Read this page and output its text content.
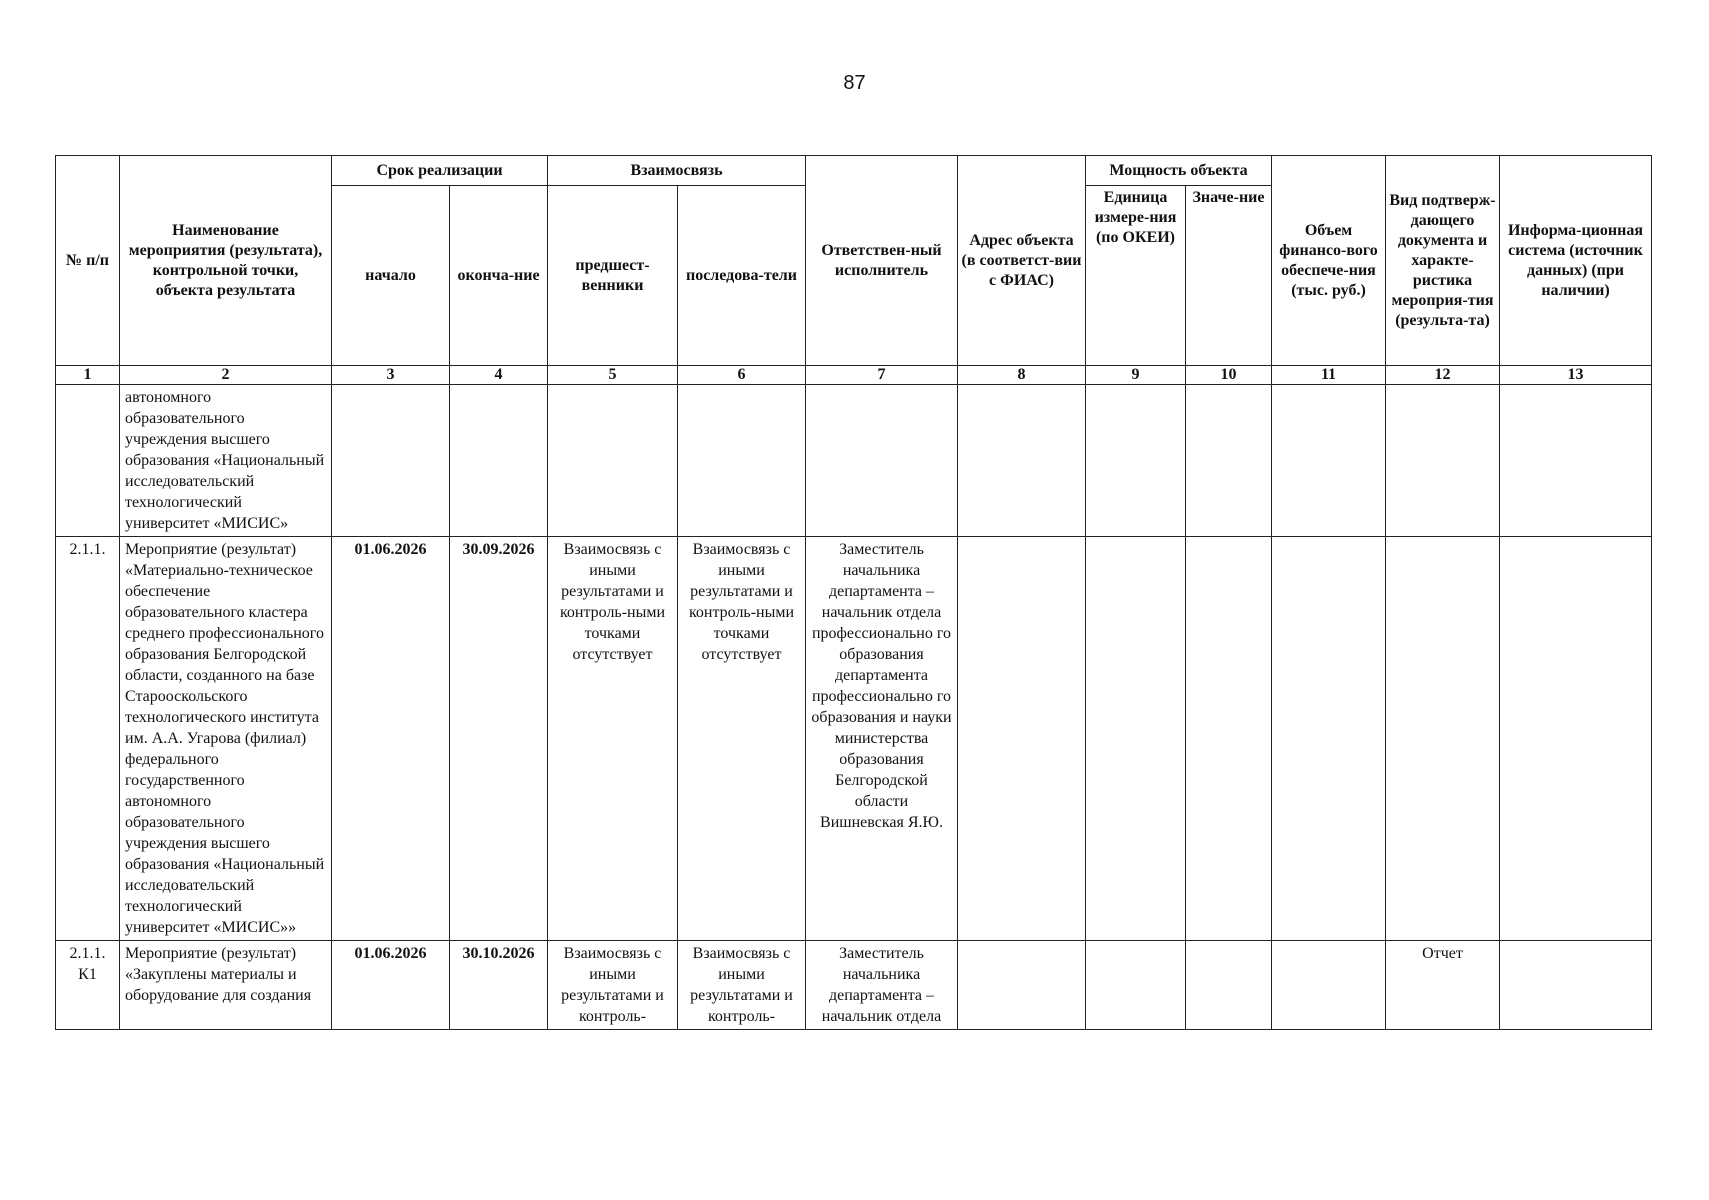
87
№ п/п	Наименование мероприятия (результата), контрольной точки, объекта результата	Срок реализации		Взаимосвязь		Ответствен-ный исполнитель	Адрес объекта (в соответст-вии с ФИАС)	Мощность объекта		Объем финансо-вого обеспече-ния (тыс. руб.)	Вид подтверж-дающего документа и характе-ристика мероприя-тия (результа-та)	Информа-ционная система (источник данных) (при наличии)
		начало	оконча-ние	предшест-венники	последова-тели			Единица измере-ния (по ОКЕИ)	Значе-ние			
1	2	3	4	5	6	7	8	9	10	11	12	13
	автономного образовательного учреждения высшего образования «Национальный исследовательский технологический университет «МИСИС»											
2.1.1.	Мероприятие (результат) «Материально-техническое обеспечение образовательного кластера среднего профессионального образования Белгородской области, созданного на базе Старооскольского технологического института им. А.А. Угарова (филиал) федерального государственного автономного образовательного учреждения высшего образования «Национальный исследовательский технологический университет «МИСИС»»	01.06.2026	30.09.2026	Взаимосвязь с иными результатами и контроль-ными точками отсутствует	Взаимосвязь с иными результатами и контроль-ными точками отсутствует	Заместитель начальника департамента – начальник отдела профессионально го образования департамента профессионально го образования и науки министерства образования Белгородской области Вишневская Я.Ю.						
2.1.1. К1	Мероприятие (результат) «Закуплены материалы и оборудование для создания	01.06.2026	30.10.2026	Взаимосвязь с иными результатами и контроль-	Взаимосвязь с иными результатами и контроль-	Заместитель начальника департамента – начальник отдела					Отчет	
